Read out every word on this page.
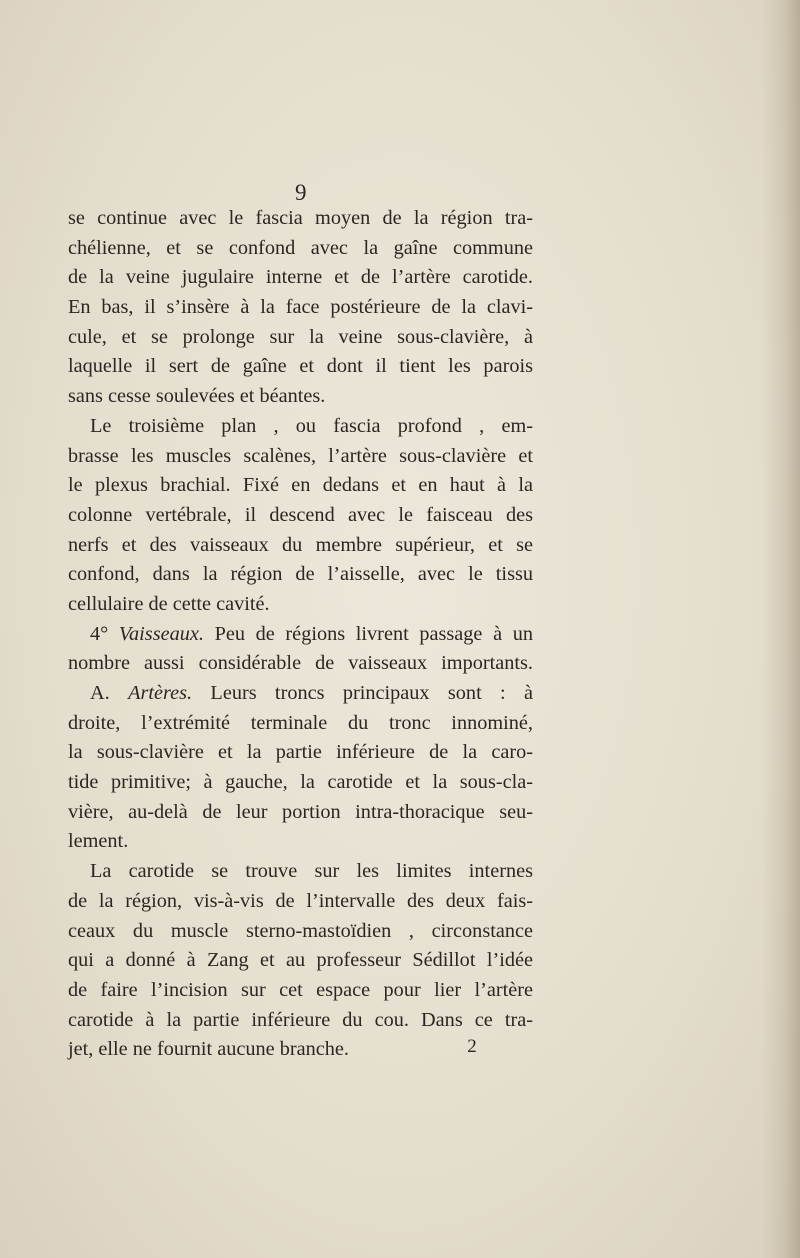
9
se continue avec le fascia moyen de la région tra-
chélienne, et se confond avec la gaîne commune
de la veine jugulaire interne et de l’artère carotide.
En bas, il s’insère à la face postérieure de la clavi-
cule, et se prolonge sur la veine sous-clavière, à
laquelle il sert de gaîne et dont il tient les parois
sans cesse soulevées et béantes.
Le troisième plan , ou fascia profond , em-
brasse les muscles scalènes, l’artère sous-clavière et
le plexus brachial. Fixé en dedans et en haut à la
colonne vertébrale, il descend avec le faisceau des
nerfs et des vaisseaux du membre supérieur, et se
confond, dans la région de l’aisselle, avec le tissu
cellulaire de cette cavité.
4° Vaisseaux. Peu de régions livrent passage à un
nombre aussi considérable de vaisseaux importants.
A. Artères. Leurs troncs principaux sont : à
droite, l’extrémité terminale du tronc innominé,
la sous-clavière et la partie inférieure de la caro-
tide primitive; à gauche, la carotide et la sous-cla-
vière, au-delà de leur portion intra-thoracique seu-
lement.
La carotide se trouve sur les limites internes
de la région, vis-à-vis de l’intervalle des deux fais-
ceaux du muscle sterno-mastoïdien , circonstance
qui a donné à Zang et au professeur Sédillot l’idée
de faire l’incision sur cet espace pour lier l’artère
carotide à la partie inférieure du cou. Dans ce tra-
jet, elle ne fournit aucune branche.	2
